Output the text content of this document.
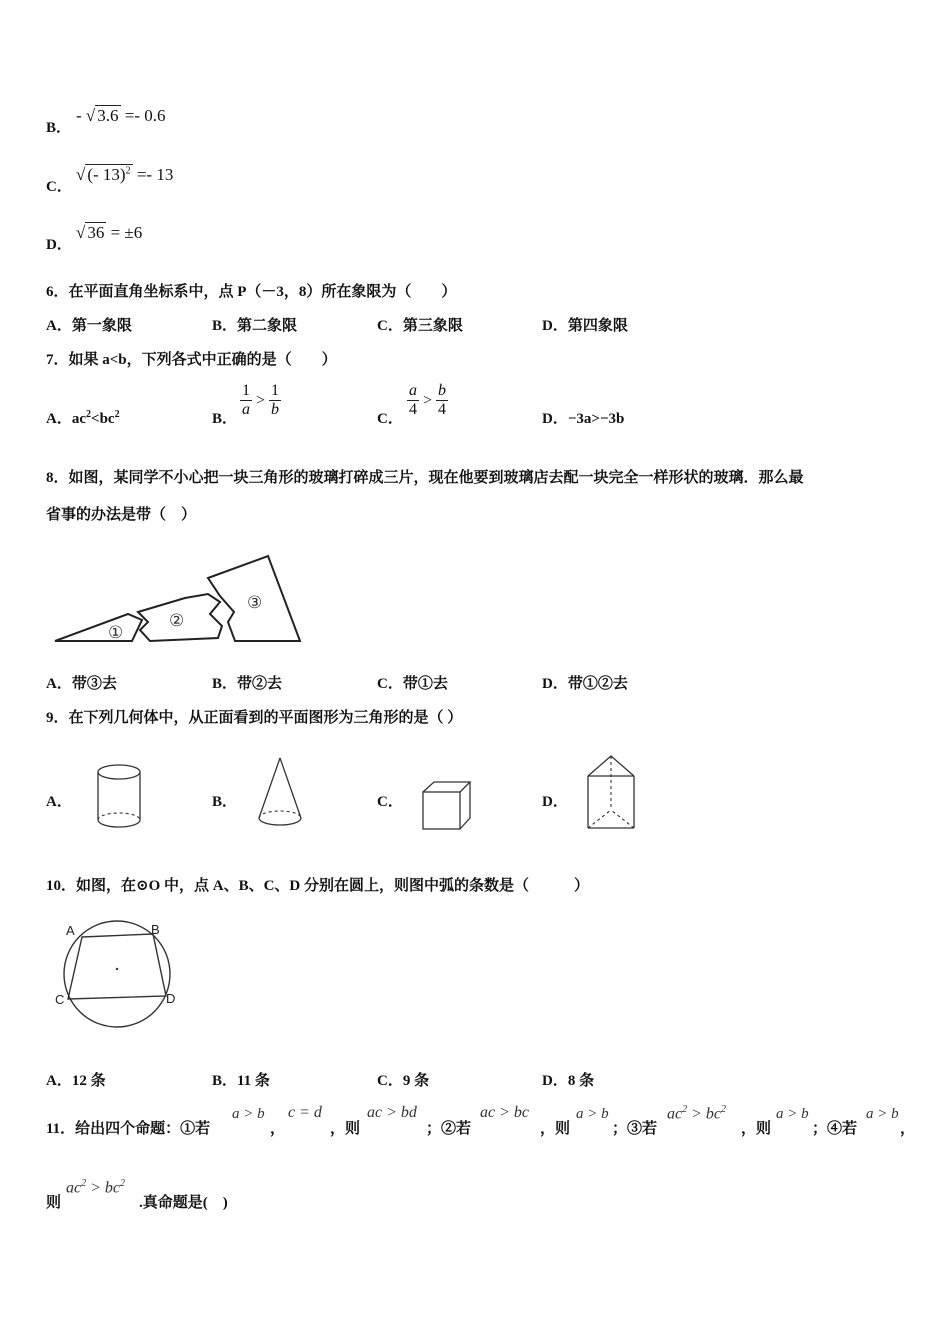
B．
- √ 3.6 =- 0.6
C．
√ (- 13)$^2$ =- 13
D．
√ 36 = ±6
6．在平面直角坐标系中，点 P（－3，8）所在象限为（　　）
A．第一象限	B．第二象限	C．第三象限	D．第四象限
7．如果 a<b，下列各式中正确的是（　　）
A．$ac^2<bc^2$	B． $\frac{1}{a} > \frac{1}{b}$	C． $\frac{a}{4} > \frac{b}{4}$	D．−3a>−3b
8．如图，某同学不小心把一块三角形的玻璃打碎成三片，现在他要到玻璃店去配一块完全一样形状的玻璃．那么最
省事的办法是带（　）
①
②
③
A．带③去	B．带②去	C．带①去	D．带①②去
9．在下列几何体中，从正面看到的平面图形为三角形的是（ ）
A．	B．	C．	D．
10．如图，在⊙O 中，点 A、B、C、D 分别在圆上，则图中弧的条数是（　　　）
A	B
C	D
A．12 条	B．11 条	C．9 条	D．8 条
11．给出四个命题：①若
a > b
，
c = d
，则
ac > bd
；②若
ac > bc
，则
a > b
；③若
$ac^2 > bc^2$
，则
a > b
；④若
a > b
，
则
$ac^2 > bc^2$
.真命题是(　)
